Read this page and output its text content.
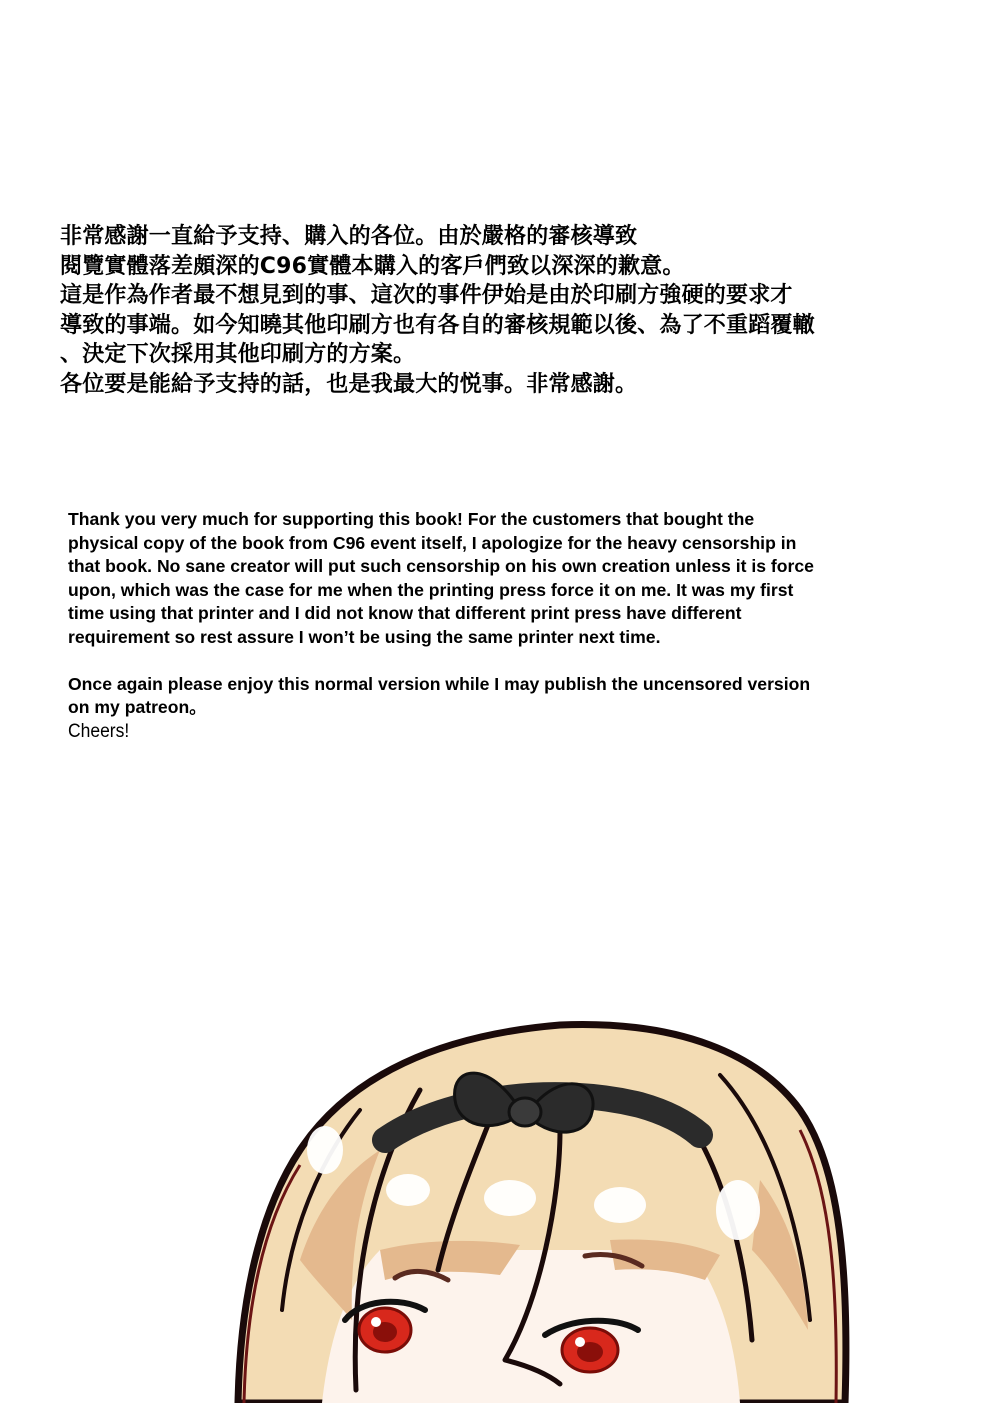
非常感謝一直給予支持、購入的各位。由於嚴格的審核導致
閱覽實體落差頗深的C96實體本購入的客戶們致以深深的歉意。
這是作為作者最不想見到的事、這次的事件伊始是由於印刷方強硬的要求才
導致的事端。如今知曉其他印刷方也有各自的審核規範以後、為了不重蹈覆轍
、決定下次採用其他印刷方的方案。
各位要是能給予支持的話，也是我最大的悦事。非常感謝。
Thank you very much for supporting this book! For the customers that bought the
physical copy of the book from C96 event itself, I apologize for the heavy censorship in
that book. No sane creator will put such censorship on his own creation unless it is force
upon, which was the case for me when the printing press force it on me. It was my first
time using that printer and I did not know that different print press have different
requirement so rest assure I won’t be using the same printer next time.
Once again please enjoy this normal version while I may publish the uncensored version
on my patreon。
Cheers!
